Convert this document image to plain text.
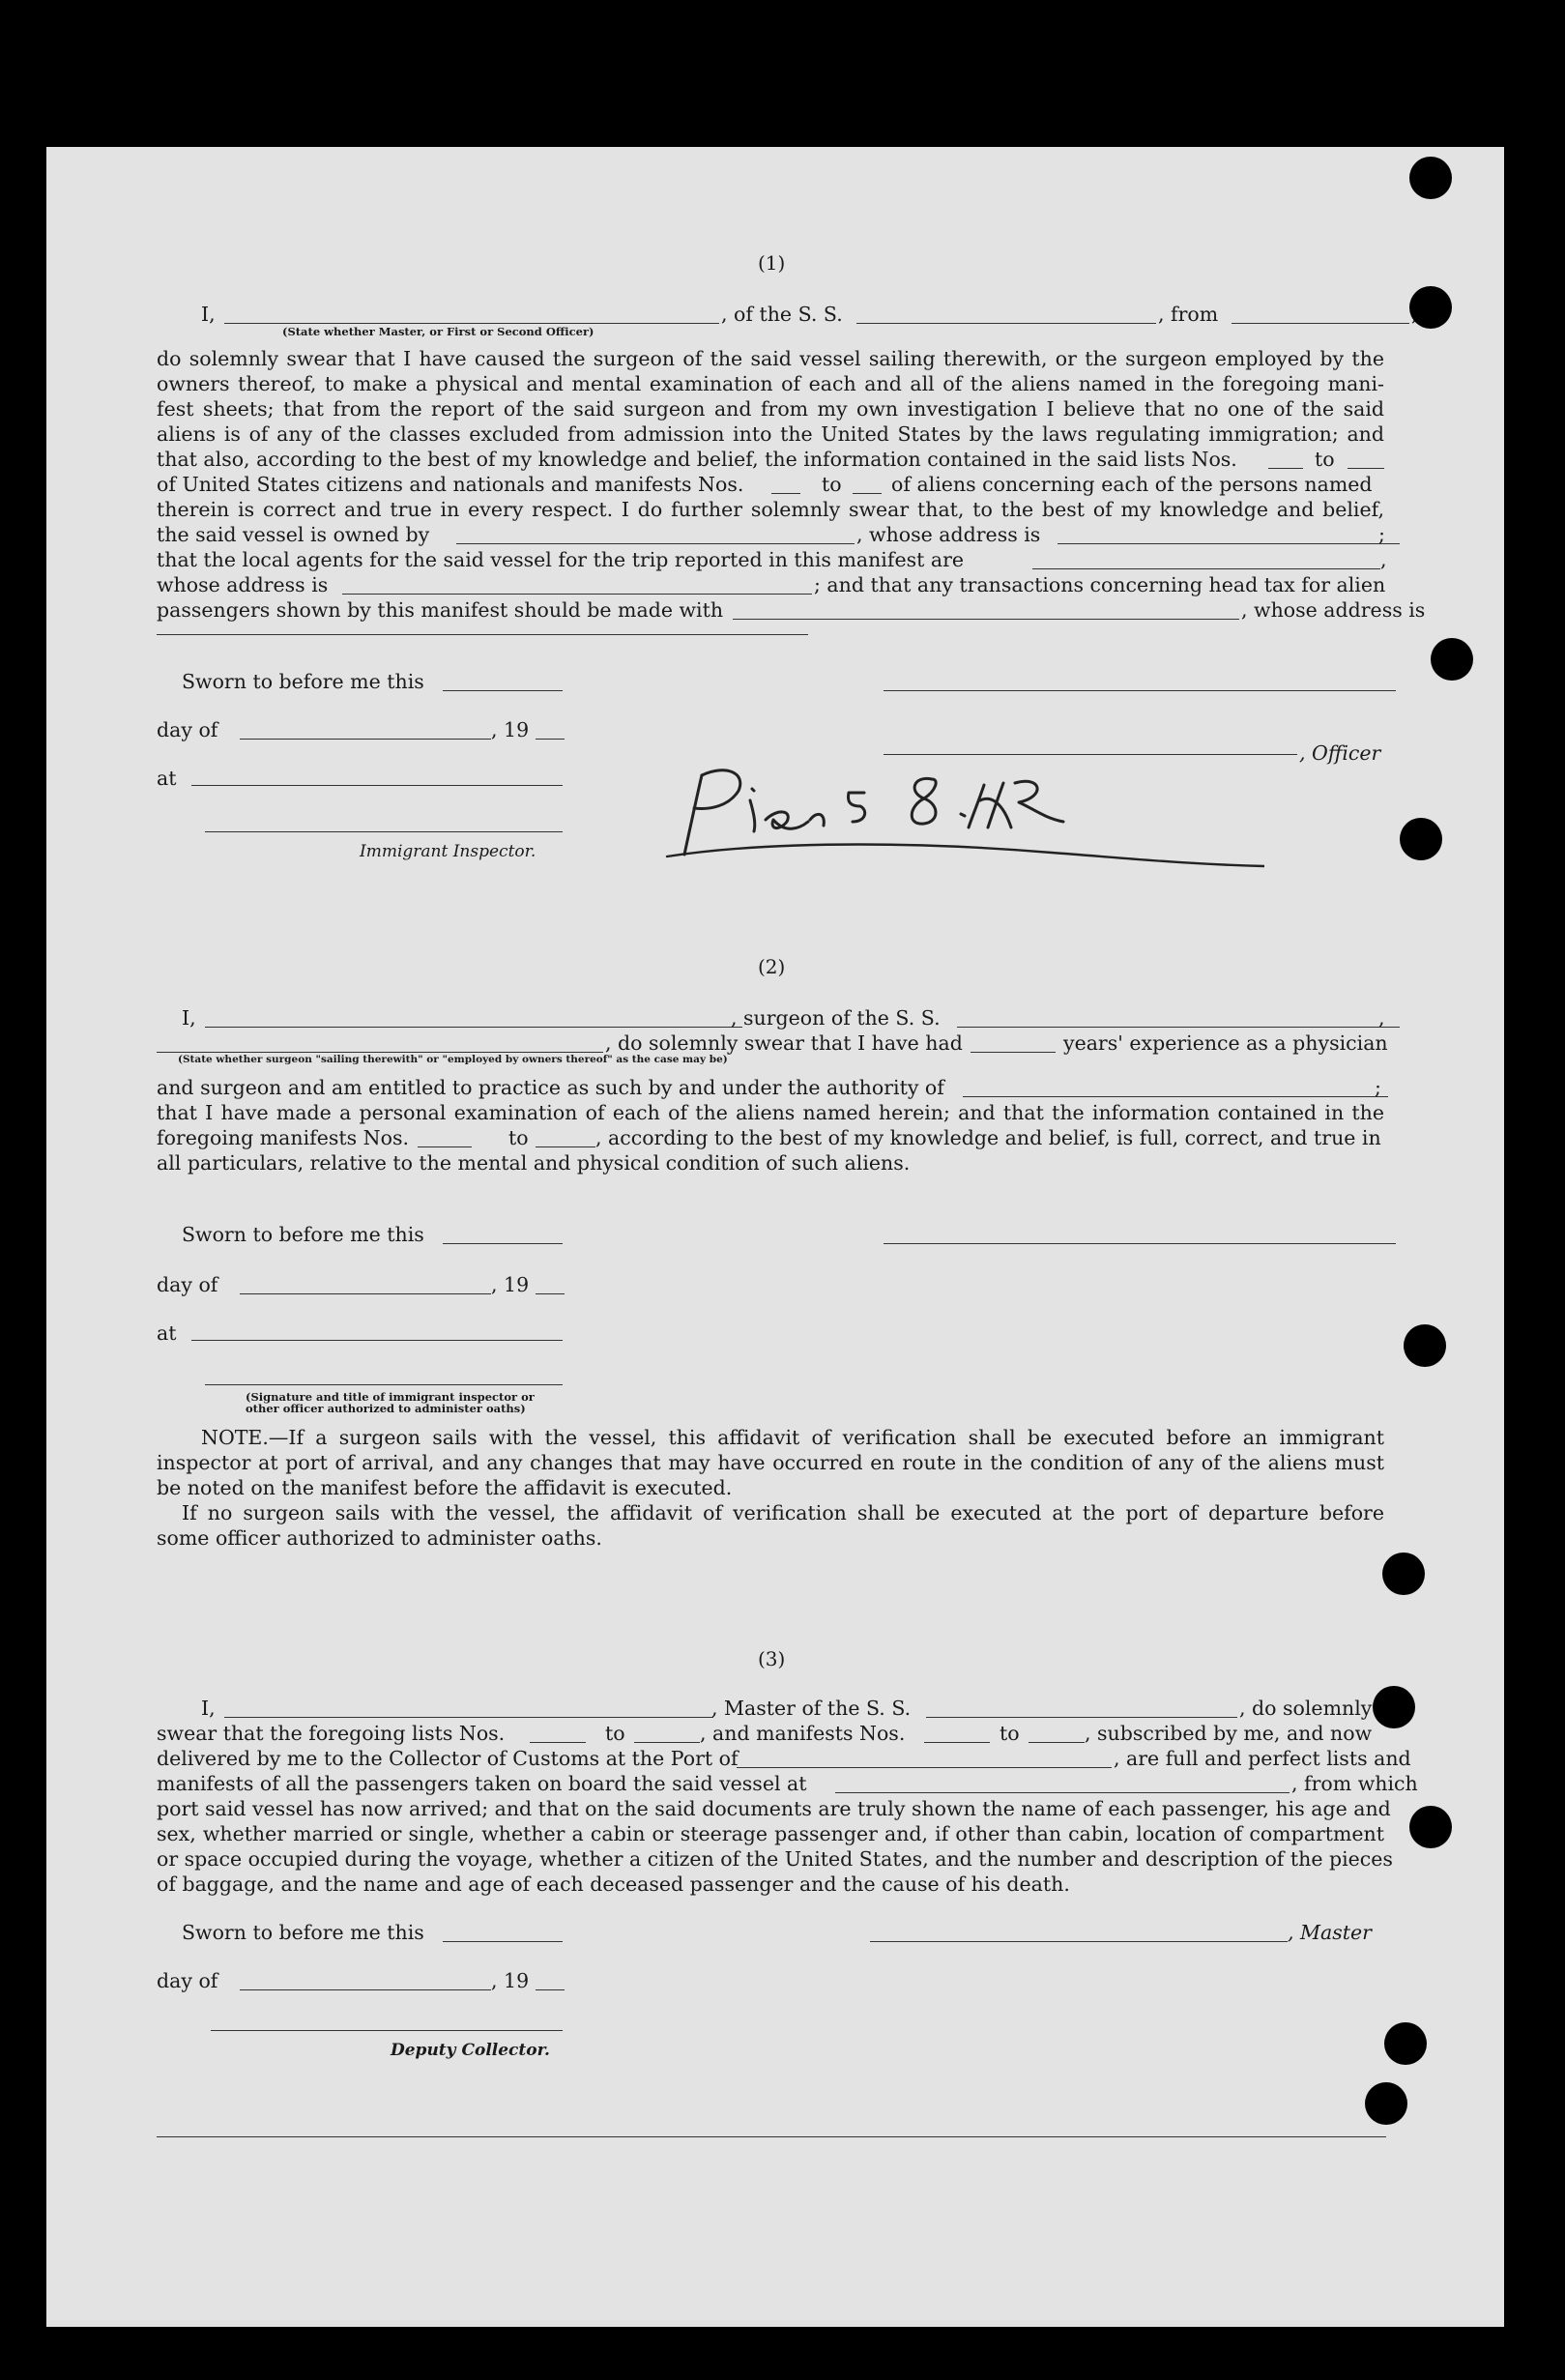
(1)
I,	, of the S. S.	, from
(State whether Master, or First or Second Officer)
do solemnly swear that I have caused the surgeon of the said vessel sailing therewith, or the surgeon employed by the
owners thereof, to make a physical and mental examination of each and all of the aliens named in the foregoing mani-
fest sheets; that from the report of the said surgeon and from my own investigation I believe that no one of the said
aliens is of any of the classes excluded from admission into the United States by the laws regulating immigration; and
that also, according to the best of my knowledge and belief, the information contained in the said lists Nos.	to
of United States citizens and nationals and manifests Nos.	to	of aliens concerning each of the persons named
therein is correct and true in every respect. I do further solemnly swear that, to the best of my knowledge and belief,
the said vessel is owned by	, whose address is	;
that the local agents for the said vessel for the trip reported in this manifest are	,
whose address is	; and that any transactions concerning head tax for alien
passengers shown by this manifest should be made with	, whose address is
Sworn to before me this
day of	, 19
, Officer
at
Immigrant Inspector.
(2)
I,	, surgeon of the S. S.	,
, do solemnly swear that I have had	years' experience as a physician
(State whether surgeon "sailing therewith" or "employed by owners thereof" as the case may be)
and surgeon and am entitled to practice as such by and under the authority of	;
that I have made a personal examination of each of the aliens named herein; and that the information contained in the
foregoing manifests Nos.	to	, according to the best of my knowledge and belief, is full, correct, and true in
all particulars, relative to the mental and physical condition of such aliens.
Sworn to before me this
day of	, 19
at
(Signature and title of immigrant inspector or
other officer authorized to administer oaths)
NOTE.—If a surgeon sails with the vessel, this affidavit of verification shall be executed before an immigrant
inspector at port of arrival, and any changes that may have occurred en route in the condition of any of the aliens must
be noted on the manifest before the affidavit is executed.
If no surgeon sails with the vessel, the affidavit of verification shall be executed at the port of departure before
some officer authorized to administer oaths.
(3)
I,	, Master of the S. S.	, do solemnly
swear that the foregoing lists Nos.	to	, and manifests Nos.	to	, subscribed by me, and now
delivered by me to the Collector of Customs at the Port of	, are full and perfect lists and
manifests of all the passengers taken on board the said vessel at	, from which
port said vessel has now arrived; and that on the said documents are truly shown the name of each passenger, his age and
sex, whether married or single, whether a cabin or steerage passenger and, if other than cabin, location of compartment
or space occupied during the voyage, whether a citizen of the United States, and the number and description of the pieces
of baggage, and the name and age of each deceased passenger and the cause of his death.
Sworn to before me this	, Master
day of	, 19
Deputy Collector.
